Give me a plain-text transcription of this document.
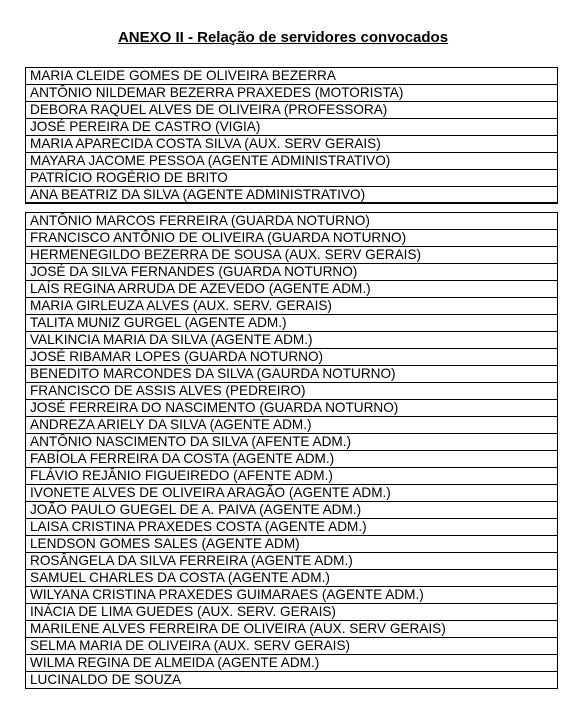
ANEXO II - Relação de servidores convocados
MARIA CLEIDE GOMES DE OLIVEIRA BEZERRA
ANTÔNIO NILDEMAR BEZERRA PRAXEDES (MOTORISTA)
DEBORA RAQUEL ALVES DE OLIVEIRA (PROFESSORA)
JOSÉ PEREIRA DE CASTRO (VIGIA)
MARIA APARECIDA COSTA SILVA (AUX. SERV GERAIS)
MAYARA JACOME PESSOA (AGENTE ADMINISTRATIVO)
PATRÍCIO ROGÉRIO DE BRITO
ANA BEATRIZ DA SILVA (AGENTE ADMINISTRATIVO)
ANTÔNIO MARCOS FERREIRA (GUARDA NOTURNO)
FRANCISCO ANTÔNIO DE OLIVEIRA (GUARDA NOTURNO)
HERMENEGILDO BEZERRA DE SOUSA (AUX. SERV GERAIS)
JOSÉ DA SILVA FERNANDES (GUARDA NOTURNO)
LAÍS REGINA ARRUDA DE AZEVEDO (AGENTE ADM.)
MARIA GIRLEUZA ALVES (AUX. SERV. GERAIS)
TALITA MUNIZ GURGEL (AGENTE ADM.)
VALKINCIA MARIA DA SILVA (AGENTE ADM.)
JOSÉ RIBAMAR LOPES (GUARDA NOTURNO)
BENEDITO MARCONDES DA SILVA (GAURDA NOTURNO)
FRANCISCO DE ASSIS ALVES (PEDREIRO)
JOSÉ FERREIRA DO NASCIMENTO (GUARDA NOTURNO)
ANDREZA ARIELY DA SILVA (AGENTE ADM.)
ANTÔNIO NASCIMENTO DA SILVA (AFENTE ADM.)
FABÍOLA FERREIRA DA COSTA (AGENTE ADM.)
FLÁVIO REJÂNIO FIGUEIREDO (AFENTE ADM.)
IVONETE ALVES DE OLIVEIRA ARAGÃO (AGENTE ADM.)
JOÃO PAULO GUEGEL DE A. PAIVA (AGENTE ADM.)
LAISA CRISTINA PRAXEDES COSTA (AGENTE ADM.)
LENDSON GOMES SALES (AGENTE ADM)
ROSÂNGELA DA SILVA FERREIRA (AGENTE ADM.)
SAMUEL CHARLES DA COSTA (AGENTE ADM.)
WILYANA CRISTINA PRAXEDES GUIMARAES (AGENTE ADM.)
INÁCIA DE LIMA GUEDES (AUX. SERV. GERAIS)
MARILENE ALVES FERREIRA DE OLIVEIRA (AUX. SERV GERAIS)
SELMA MARIA DE OLIVEIRA (AUX. SERV GERAIS)
WILMA REGINA DE ALMEIDA (AGENTE ADM.)
LUCINALDO DE SOUZA
